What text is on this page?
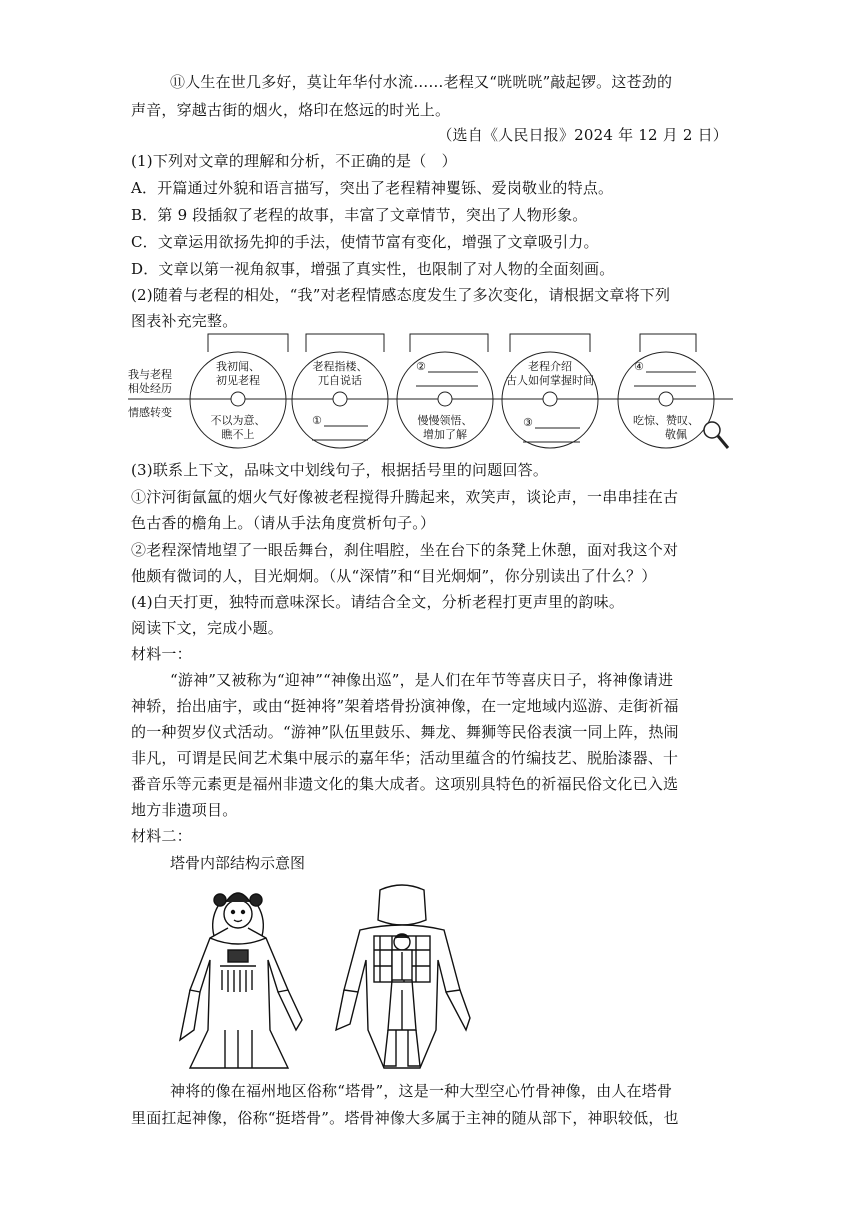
⑪人生在世几多好，莫让年华付水流……老程又“咣咣咣”敲起锣。这苍劲的
声音，穿越古街的烟火，烙印在悠远的时光上。
（选自《人民日报》2024 年 12 月 2 日）
(1)下列对文章的理解和分析，不正确的是（　）
A．开篇通过外貌和语言描写，突出了老程精神矍铄、爱岗敬业的特点。
B．第 9 段插叙了老程的故事，丰富了文章情节，突出了人物形象。
C．文章运用欲扬先抑的手法，使情节富有变化，增强了文章吸引力。
D．文章以第一视角叙事，增强了真实性，也限制了对人物的全面刻画。
(2)随着与老程的相处，“我”对老程情感态度发生了多次变化，请根据文章将下列
图表补充完整。
我与老程
相处经历
情感转变
我初闻、
初见老程
不以为意、
瞧不上
老程指楼、
兀自说话
①
②
慢慢领悟、
增加了解
老程介绍
古人如何掌握时间
③
④
吃惊、赞叹、
敬佩
(3)联系上下文，品味文中划线句子，根据括号里的问题回答。
①汴河街氤氲的烟火气好像被老程搅得升腾起来，欢笑声，谈论声，一串串挂在古
色古香的檐角上。（请从手法角度赏析句子。）
②老程深情地望了一眼岳舞台，刹住唱腔，坐在台下的条凳上休憩，面对我这个对
他颇有微词的人，目光炯炯。（从“深情”和“目光炯炯”，你分别读出了什么？）
(4)白天打更，独特而意味深长。请结合全文，分析老程打更声里的韵味。
阅读下文，完成小题。
材料一：
“游神”又被称为“迎神”“神像出巡”，是人们在年节等喜庆日子，将神像请进
神轿，抬出庙宇，或由“挺神将”架着塔骨扮演神像，在一定地域内巡游、走街祈福
的一种贺岁仪式活动。“游神”队伍里鼓乐、舞龙、舞狮等民俗表演一同上阵，热闹
非凡，可谓是民间艺术集中展示的嘉年华；活动里蕴含的竹编技艺、脱胎漆器、十
番音乐等元素更是福州非遗文化的集大成者。这项别具特色的祈福民俗文化已入选
地方非遗项目。
材料二：
塔骨内部结构示意图
神将的像在福州地区俗称“塔骨”，这是一种大型空心竹骨神像，由人在塔骨
里面扛起神像，俗称“挺塔骨”。塔骨神像大多属于主神的随从部下，神职较低，也
